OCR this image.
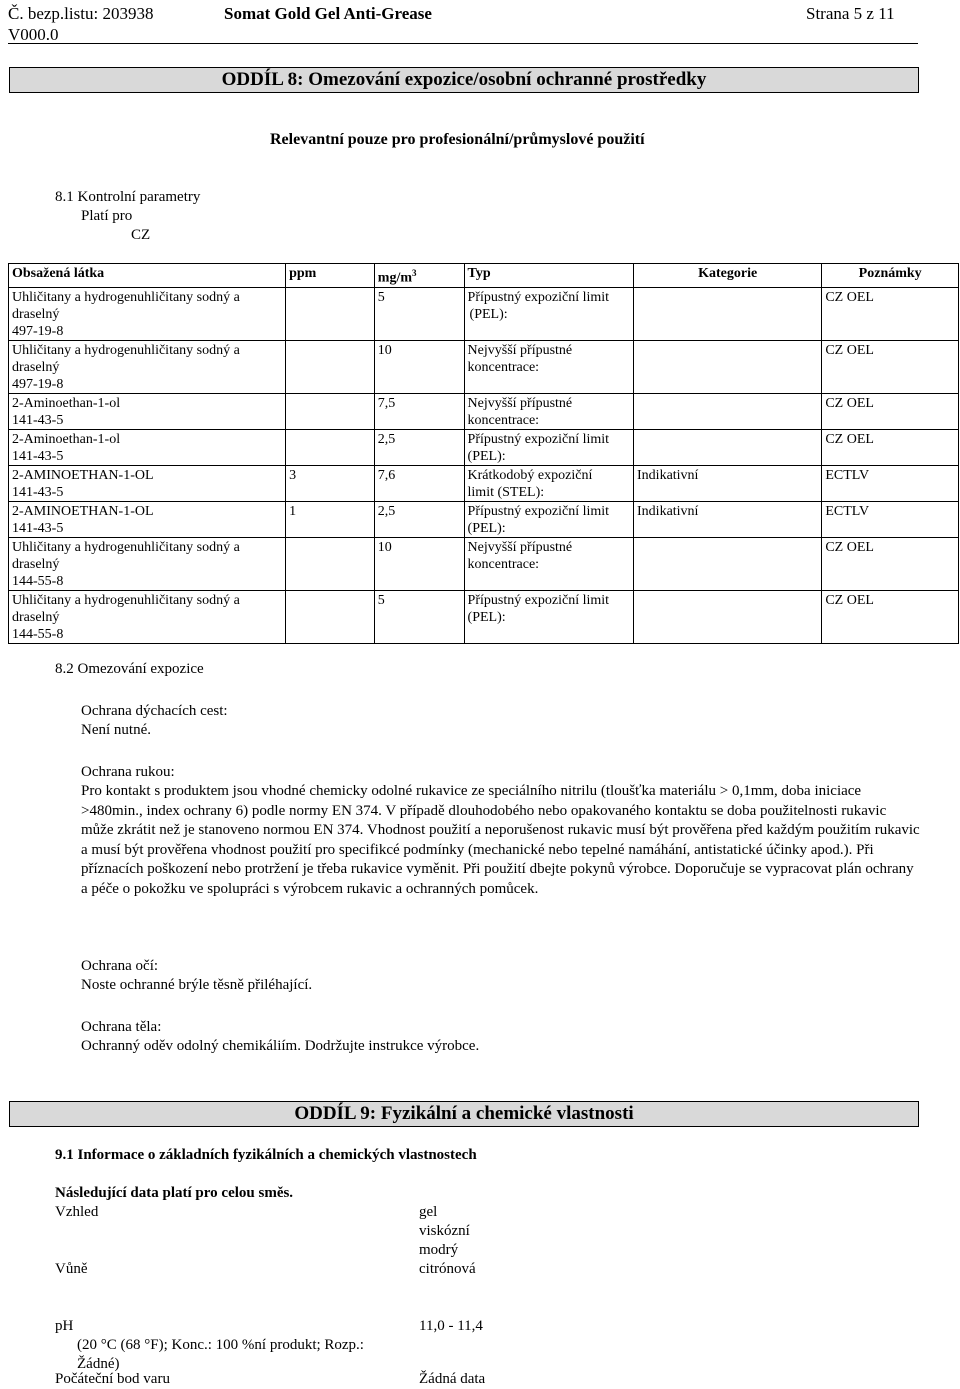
Č. bezp.listu: 203938
V000.0
Somat Gold Gel Anti-Grease	Strana 5 z 11
ODDÍL 8: Omezování expozice/osobní ochranné prostředky
Relevantní pouze pro profesionální/průmyslové použití
8.1 Kontrolní parametry
Platí pro
CZ
Obsažená látka	ppm	$mg/m^3$	Typ	Kategorie	Poznámky

Uhličitany a hydrogenuhličitany sodný a
draselný
497-19-8		5	Přípustný expoziční limit
(PEL):		CZ OEL

Uhličitany a hydrogenuhličitany sodný a
draselný
497-19-8		10	Nejvyšší přípustné
koncentrace:		CZ OEL

2-Aminoethan-1-ol
141-43-5		7,5	Nejvyšší přípustné
koncentrace:		CZ OEL

2-Aminoethan-1-ol
141-43-5		2,5	Přípustný expoziční limit
(PEL):		CZ OEL

2-AMINOETHAN-1-OL
141-43-5	3	7,6	Krátkodobý expoziční
limit (STEL):	Indikativní	ECTLV

2-AMINOETHAN-1-OL
141-43-5	1	2,5	Přípustný expoziční limit
(PEL):	Indikativní	ECTLV

Uhličitany a hydrogenuhličitany sodný a
draselný
144-55-8		10	Nejvyšší přípustné
koncentrace:		CZ OEL

Uhličitany a hydrogenuhličitany sodný a
draselný
144-55-8		5	Přípustný expoziční limit
(PEL):		CZ OEL
8.2 Omezování expozice
Ochrana dýchacích cest:
Není nutné.
Ochrana rukou:
Pro kontakt s produktem jsou vhodné chemicky odolné rukavice ze speciálního nitrilu (tloušťka materiálu > 0,1mm, doba iniciace >480min., index ochrany 6) podle normy EN 374. V případě dlouhodobého nebo opakovaného kontaktu se doba použitelnosti rukavic může zkrátit než je stanoveno normou EN 374. Vhodnost použití a neporušenost rukavic musí být prověřena před každým použitím rukavic a musí být prověřena vhodnost použití pro specifikcé podmínky (mechanické nebo tepelné namáhání, antistatické účinky apod.). Při příznacích poškození nebo protržení je třeba rukavice vyměnit. Při použití dbejte pokynů výrobce. Doporučuje se vypracovat plán ochrany a péče o pokožku ve spolupráci s výrobcem rukavic a ochranných pomůcek.
Ochrana očí:
Noste ochranné brýle těsně přiléhající.
Ochrana těla:
Ochranný oděv odolný chemikáliím. Dodržujte instrukce výrobce.
ODDÍL 9: Fyzikální a chemické vlastnosti
9.1 Informace o základních fyzikálních a chemických vlastnostech
Následující data platí pro celou směs.
Vzhled	gel
viskózní
modrý
Vůně	citrónová
pH	11,0 - 11,4
(20 °C (68 °F); Konc.: 100 %ní produkt; Rozp.:
Žádné)
Počáteční bod varu	Žádná data
